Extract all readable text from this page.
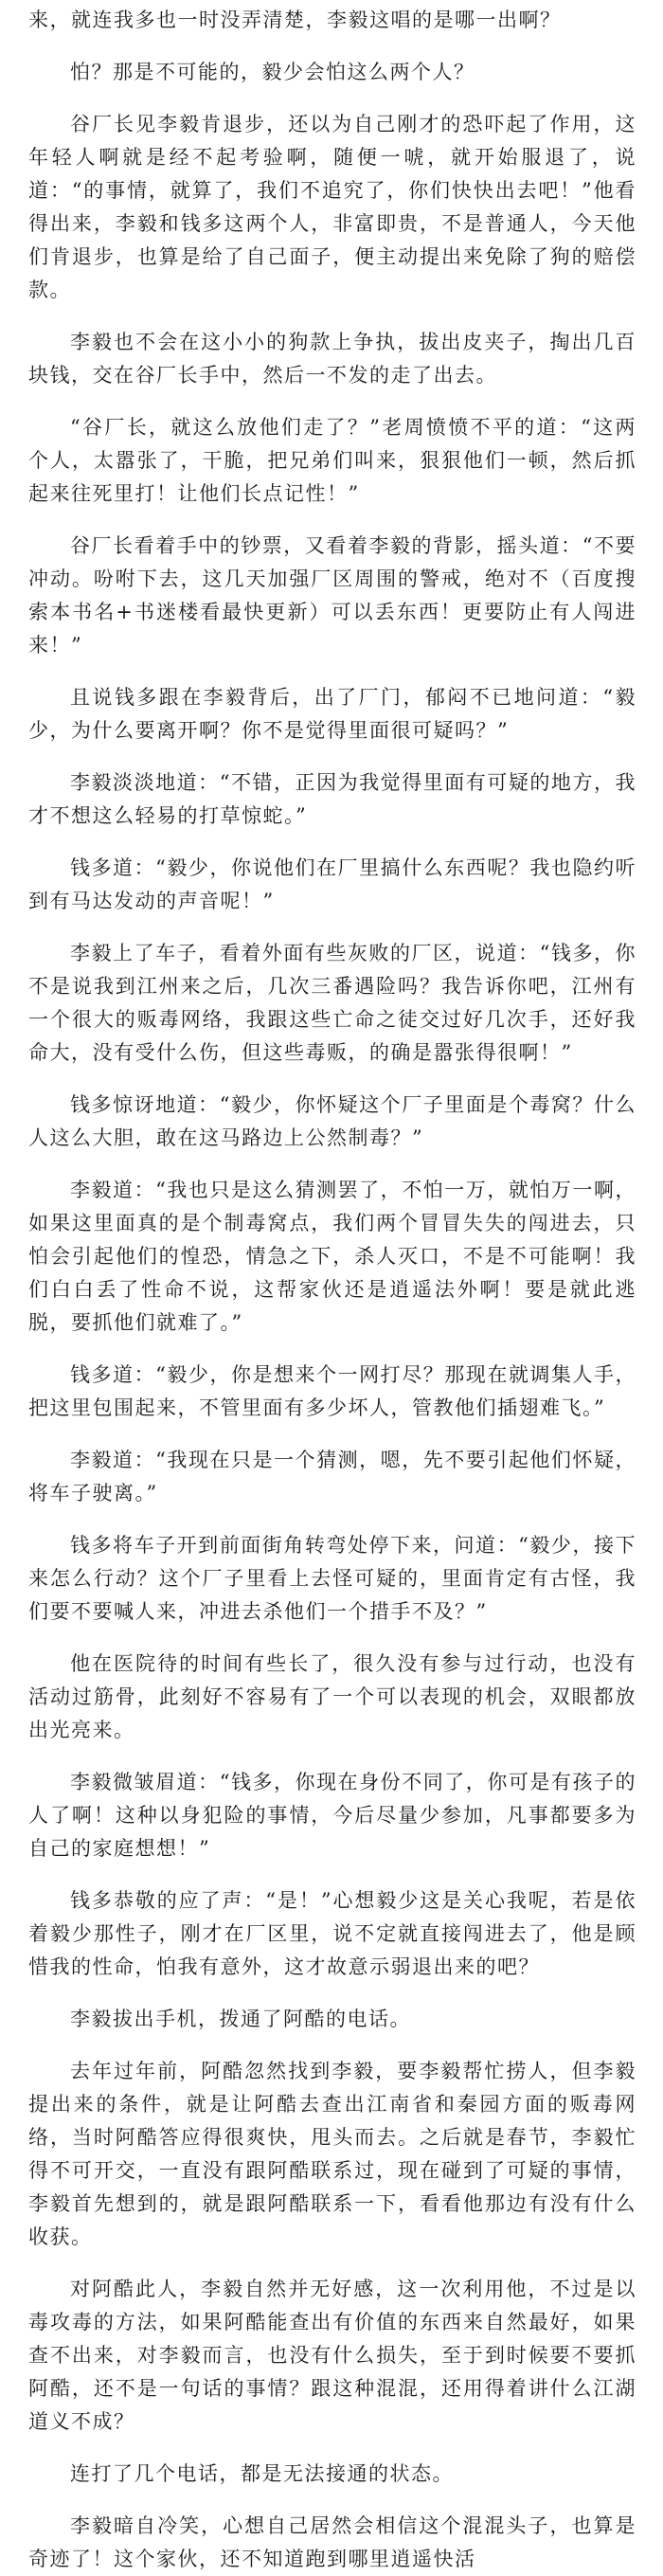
来，就连我多也一时没弄清楚，李毅这唱的是哪一出啊？

怕？那是不可能的，毅少会怕这么两个人？

谷厂长见李毅肯退步，还以为自己刚才的恐吓起了作用，这年轻人啊就是经不起考验啊，随便一唬，就开始服退了，说道：“的事情，就算了，我们不追究了，你们快快出去吧！”他看得出来，李毅和钱多这两个人，非富即贵，不是普通人，今天他们肯退步，也算是给了自己面子，便主动提出来免除了狗的赔偿款。

李毅也不会在这小小的狗款上争执，拔出皮夹子，掏出几百块钱，交在谷厂长手中，然后一不发的走了出去。

“谷厂长，就这么放他们走了？”老周愤愤不平的道：“这两个人，太嚣张了，干脆，把兄弟们叫来，狠狠他们一顿，然后抓起来往死里打！让他们长点记性！”

谷厂长看着手中的钞票，又看着李毅的背影，摇头道：“不要冲动。吩咐下去，这几天加强厂区周围的警戒，绝对不（百度搜索本书名+书迷楼看最快更新）可以丢东西！更要防止有人闯进来！”

且说钱多跟在李毅背后，出了厂门，郁闷不已地问道：“毅少，为什么要离开啊？你不是觉得里面很可疑吗？”

李毅淡淡地道：“不错，正因为我觉得里面有可疑的地方，我才不想这么轻易的打草惊蛇。”

钱多道：“毅少，你说他们在厂里搞什么东西呢？我也隐约听到有马达发动的声音呢！”

李毅上了车子，看着外面有些灰败的厂区，说道：“钱多，你不是说我到江州来之后，几次三番遇险吗？我告诉你吧，江州有一个很大的贩毒网络，我跟这些亡命之徒交过好几次手，还好我命大，没有受什么伤，但这些毒贩，的确是嚣张得很啊！”

钱多惊讶地道：“毅少，你怀疑这个厂子里面是个毒窝？什么人这么大胆，敢在这马路边上公然制毒？”

李毅道：“我也只是这么猜测罢了，不怕一万，就怕万一啊，如果这里面真的是个制毒窝点，我们两个冒冒失失的闯进去，只怕会引起他们的惶恐，情急之下，杀人灭口，不是不可能啊！我们白白丢了性命不说，这帮家伙还是逍遥法外啊！要是就此逃脱，要抓他们就难了。”

钱多道：“毅少，你是想来个一网打尽？那现在就调集人手，把这里包围起来，不管里面有多少坏人，管教他们插翅难飞。”

李毅道：“我现在只是一个猜测，嗯，先不要引起他们怀疑，将车子驶离。”

钱多将车子开到前面街角转弯处停下来，问道：“毅少，接下来怎么行动？这个厂子里看上去怪可疑的，里面肯定有古怪，我们要不要喊人来，冲进去杀他们一个措手不及？”

他在医院待的时间有些长了，很久没有参与过行动，也没有活动过筋骨，此刻好不容易有了一个可以表现的机会，双眼都放出光亮来。

李毅微皱眉道：“钱多，你现在身份不同了，你可是有孩子的人了啊！这种以身犯险的事情，今后尽量少参加，凡事都要多为自己的家庭想想！”

钱多恭敬的应了声：“是！”心想毅少这是关心我呢，若是依着毅少那性子，刚才在厂区里，说不定就直接闯进去了，他是顾惜我的性命，怕我有意外，这才故意示弱退出来的吧？

李毅拔出手机，拨通了阿酷的电话。

去年过年前，阿酷忽然找到李毅，要李毅帮忙捞人，但李毅提出来的条件，就是让阿酷去查出江南省和秦园方面的贩毒网络，当时阿酷答应得很爽快，甩头而去。之后就是春节，李毅忙得不可开交，一直没有跟阿酷联系过，现在碰到了可疑的事情，李毅首先想到的，就是跟阿酷联系一下，看看他那边有没有什么收获。

对阿酷此人，李毅自然并无好感，这一次利用他，不过是以毒攻毒的方法，如果阿酷能查出有价值的东西来自然最好，如果查不出来，对李毅而言，也没有什么损失，至于到时候要不要抓阿酷，还不是一句话的事情？跟这种混混，还用得着讲什么江湖道义不成？

连打了几个电话，都是无法接通的状态。

李毅暗自冷笑，心想自己居然会相信这个混混头子，也算是奇迹了！这个家伙，还不知道跑到哪里逍遥快活
